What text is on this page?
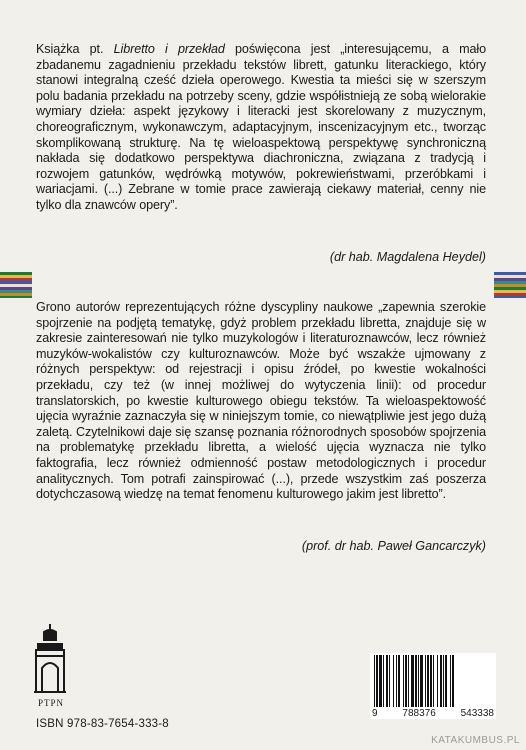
Książka pt. Libretto i przekład poświęcona jest „interesującemu, a mało zbadanemu zagadnieniu przekładu tekstów librett, gatunku literackiego, który stanowi integralną cześć dzieła operowego. Kwestia ta mieści się w szerszym polu badania przekładu na potrzeby sceny, gdzie współistnieją ze sobą wielorakie wymiary dzieła: aspekt językowy i literacki jest skorelowany z muzycznym, choreograficznym, wykonawczym, adaptacyjnym, inscenizacyjnym etc., tworząc skomplikowaną strukturę. Na tę wieloaspektową perspektywę synchroniczną nakłada się dodatkowo perspektywa diachroniczna, związana z tradycją i rozwojem gatunków, wędrówką motywów, pokrewieństwami, przeróbkami i wariacjami. (...) Zebrane w tomie prace zawierają ciekawy materiał, cenny nie tylko dla znawców opery”.
(dr hab. Magdalena Heydel)
Grono autorów reprezentujących różne dyscypliny naukowe „zapewnia szerokie spojrzenie na podjętą tematykę, gdyż problem przekładu libretta, znajduje się w zakresie zainteresowań nie tylko muzykologów i literaturoznawców, lecz również muzyków-wokalistów czy kulturoznawców. Może być wszakże ujmowany z różnych perspektyw: od rejestracji i opisu źródeł, po kwestie wokalności przekładu, czy też (w innej możliwej do wytyczenia linii): od procedur translatorskich, po kwestie kulturowego obiegu tekstów. Ta wieloaspektowość ujęcia wyraźnie zaznaczyła się w niniejszym tomie, co niewątpliwie jest jego dużą zaletą. Czytelnikowi daje się szansę poznania różnorodnych sposobów spojrzenia na problematykę przekładu libretta, a wielość ujęcia wyznacza nie tylko faktografia, lecz również odmienność postaw metodologicznych i procedur analitycznych. Tom potrafi zainspirować (...), przede wszystkim zaś poszerza dotychczasową wiedzę na temat fenomenu kulturowego jakim jest libretto”.
(prof. dr hab. Paweł Gancarczyk)
PTPN
ISBN 978-83-7654-333-8
9 788376 543338
KATAKUMBUS.PL
